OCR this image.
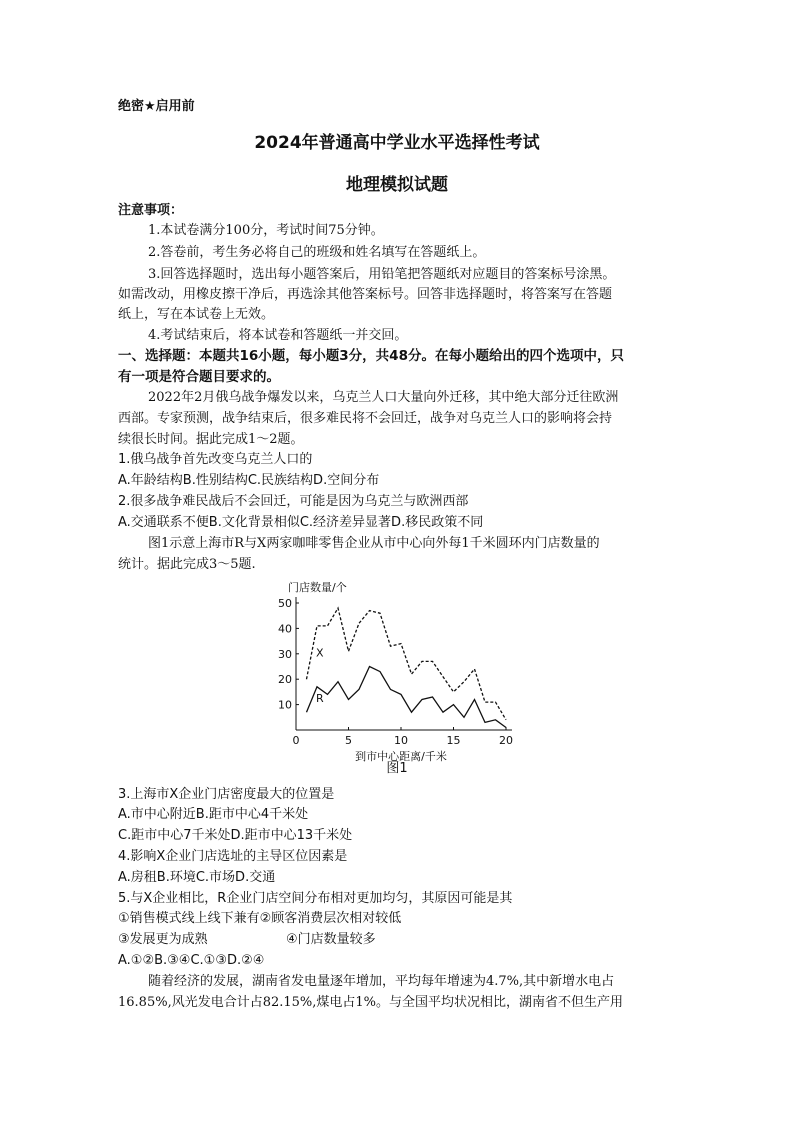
绝密★启用前
2024年普通高中学业水平选择性考试
地理模拟试题
注意事项：
1.本试卷满分100分，考试时间75分钟。
2.答卷前，考生务必将自己的班级和姓名填写在答题纸上。
3.回答选择题时，选出每小题答案后，用铅笔把答题纸对应题目的答案标号涂黑。
如需改动，用橡皮擦干净后，再选涂其他答案标号。回答非选择题时，将答案写在答题
纸上，写在本试卷上无效。
4.考试结束后，将本试卷和答题纸一并交回。
一、选择题：本题共16小题，每小题3分，共48分。在每小题给出的四个选项中，只
有一项是符合题目要求的。
2022年2月俄乌战争爆发以来，乌克兰人口大量向外迁移，其中绝大部分迁往欧洲
西部。专家预测，战争结束后，很多难民将不会回迁，战争对乌克兰人口的影响将会持
续很长时间。据此完成1～2题。
1.俄乌战争首先改变乌克兰人口的
A.年龄结构B.性别结构C.民族结构D.空间分布
2.很多战争难民战后不会回迁，可能是因为乌克兰与欧洲西部
A.交通联系不便B.文化背景相似C.经济差异显著D.移民政策不同
图1示意上海市R与X两家咖啡零售企业从市中心向外每1千米圆环内门店数量的
统计。据此完成3～5题.
10
20
30
40
50
0	5	10	15	20
门店数量/个
到市中心距离/千米
X
R
图1
3.上海市X企业门店密度最大的位置是
A.市中心附近B.距市中心4千米处
C.距市中心7千米处D.距市中心13千米处
4.影响X企业门店选址的主导区位因素是
A.房租B.环境C.市场D.交通
5.与X企业相比，R企业门店空间分布相对更加均匀，其原因可能是其
①销售模式线上线下兼有②顾客消费层次相对较低
③发展更为成熟	④门店数量较多
A.①②B.③④C.①③D.②④
随着经济的发展，湖南省发电量逐年增加，平均每年增速为4.7%,其中新增水电占
16.85%,风光发电合计占82.15%,煤电占1%。与全国平均状况相比，湖南省不但生产用
